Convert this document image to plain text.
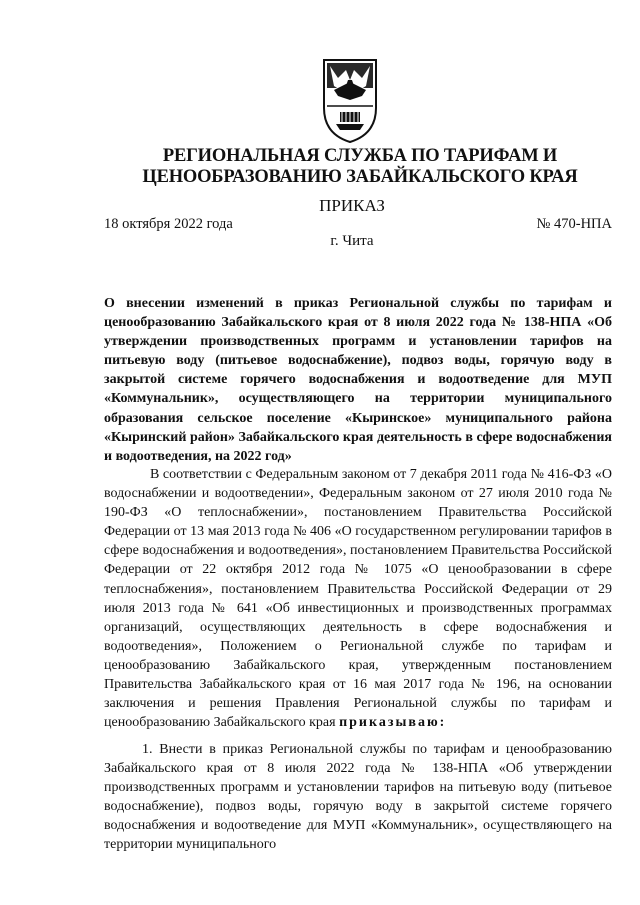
РЕГИОНАЛЬНАЯ СЛУЖБА ПО ТАРИФАМ И
ЦЕНООБРАЗОВАНИЮ ЗАБАЙКАЛЬСКОГО КРАЯ
ПРИКАЗ
18 октября 2022 года	№ 470-НПА
г. Чита
О внесении изменений в приказ Региональной службы по тарифам и ценообразованию Забайкальского края от 8 июля 2022 года № 138-НПА «Об утверждении производственных программ и установлении тарифов на питьевую воду (питьевое водоснабжение), подвоз воды, горячую воду в закрытой системе горячего водоснабжения и водоотведение для МУП «Коммунальник», осуществляющего на территории муниципального образования сельское поселение «Кыринское» муниципального района «Кыринский район» Забайкальского края деятельность в сфере водоснабжения и водоотведения, на 2022 год»
В соответствии с Федеральным законом от 7 декабря 2011 года № 416-ФЗ «О водоснабжении и водоотведении», Федеральным законом от 27 июля 2010 года № 190-ФЗ «О теплоснабжении», постановлением Правительства Российской Федерации от 13 мая 2013 года № 406 «О государственном регулировании тарифов в сфере водоснабжения и водоотведения», постановлением Правительства Российской Федерации от 22 октября 2012 года № 1075 «О ценообразовании в сфере теплоснабжения», постановлением Правительства Российской Федерации от 29 июля 2013 года № 641 «Об инвестиционных и производственных программах организаций, осуществляющих деятельность в сфере водоснабжения и водоотведения», Положением о Региональной службе по тарифам и ценообразованию Забайкальского края, утвержденным постановлением Правительства Забайкальского края от 16 мая 2017 года № 196, на основании заключения и решения Правления Региональной службы по тарифам и ценообразованию Забайкальского края приказываю:
1. Внести в приказ Региональной службы по тарифам и ценообразованию Забайкальского края от 8 июля 2022 года № 138-НПА «Об утверждении производственных программ и установлении тарифов на питьевую воду (питьевое водоснабжение), подвоз воды, горячую воду в закрытой системе горячего водоснабжения и водоотведение для МУП «Коммунальник», осуществляющего на территории муниципального
